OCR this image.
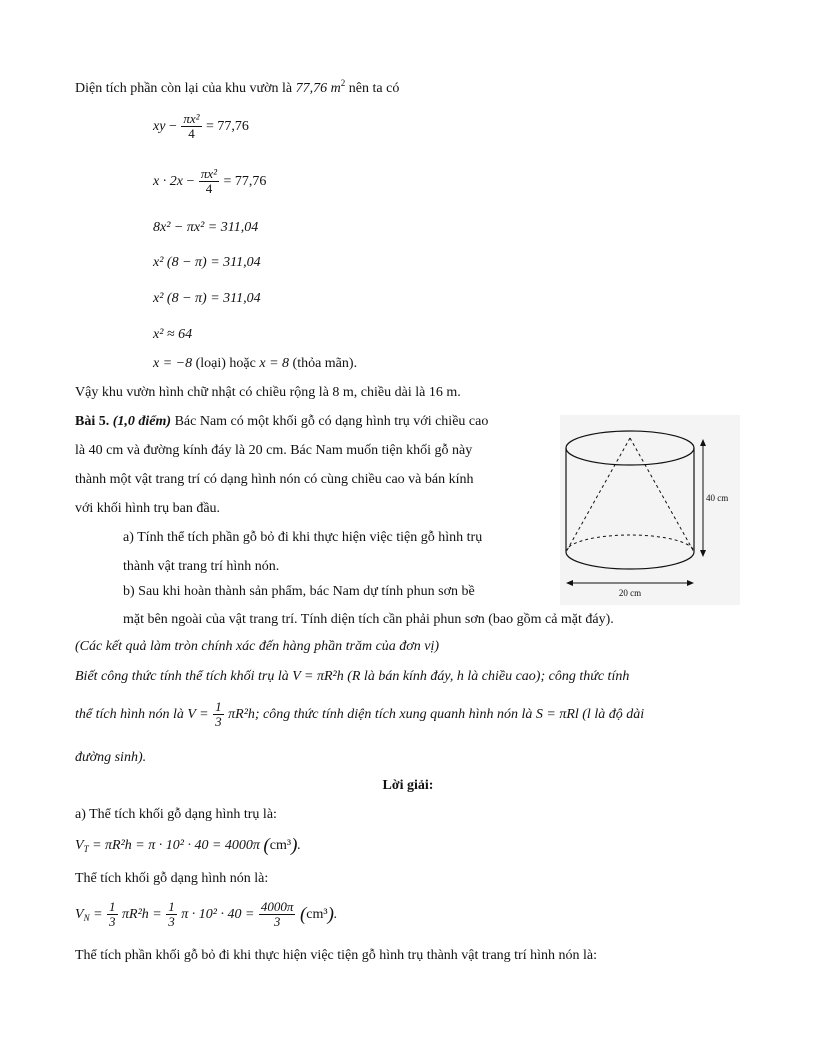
Diện tích phần còn lại của khu vườn là 77,76 $m^2$ nên ta có
xy − $\frac{\text{πx²}}{4} = 77,76$
$x \cdot 2x - \frac{\text{πx²}}{4} = 77,76$
8x² − πx² = 311,04
x² (8 − π) = 311,04
x² (8 − π) = 311,04
x² ≈ 64
x = −8 (loại) hoặc x = 8 (thỏa mãn).
Vậy khu vườn hình chữ nhật có chiều rộng là 8 m, chiều dài là 16 m.
Bài 5. (1,0 điểm) Bác Nam có một khối gỗ có dạng hình trụ với chiều cao
là 40 cm và đường kính đáy là 20 cm. Bác Nam muốn tiện khối gỗ này
thành một vật trang trí có dạng hình nón có cùng chiều cao và bán kính
với khối hình trụ ban đầu.
a) Tính thể tích phần gỗ bỏ đi khi thực hiện việc tiện gỗ hình trụ
thành vật trang trí hình nón.
b) Sau khi hoàn thành sản phẩm, bác Nam dự tính phun sơn bề
mặt bên ngoài của vật trang trí. Tính diện tích cần phải phun sơn (bao gồm cả mặt đáy).
(Các kết quả làm tròn chính xác đến hàng phần trăm của đơn vị)
Biết công thức tính thể tích khối trụ là V = πR²h (R là bán kính đáy, h là chiều cao); công thức tính
thể tích hình nón là $V = \frac{1}{3} \pi R^2h$; công thức tính diện tích xung quanh hình nón là S = πRl (l là độ dài
đường sinh).
40 cm
20 cm
Lời giải:
a) Thể tích khối gỗ dạng hình trụ là:
$V_T = \pi R^2h = \pi \cdot 10^2 \cdot 40 = 4000\pi$ (cm³).
Thể tích khối gỗ dạng hình nón là:
$V_N = \frac{1}{3} \pi R^2h = \frac{1}{3}$ $\pi \cdot 10^2 \cdot 40 = \frac{4000\pi}{3} (cm^3)$.
Thể tích phần khối gỗ bỏ đi khi thực hiện việc tiện gỗ hình trụ thành vật trang trí hình nón là:
